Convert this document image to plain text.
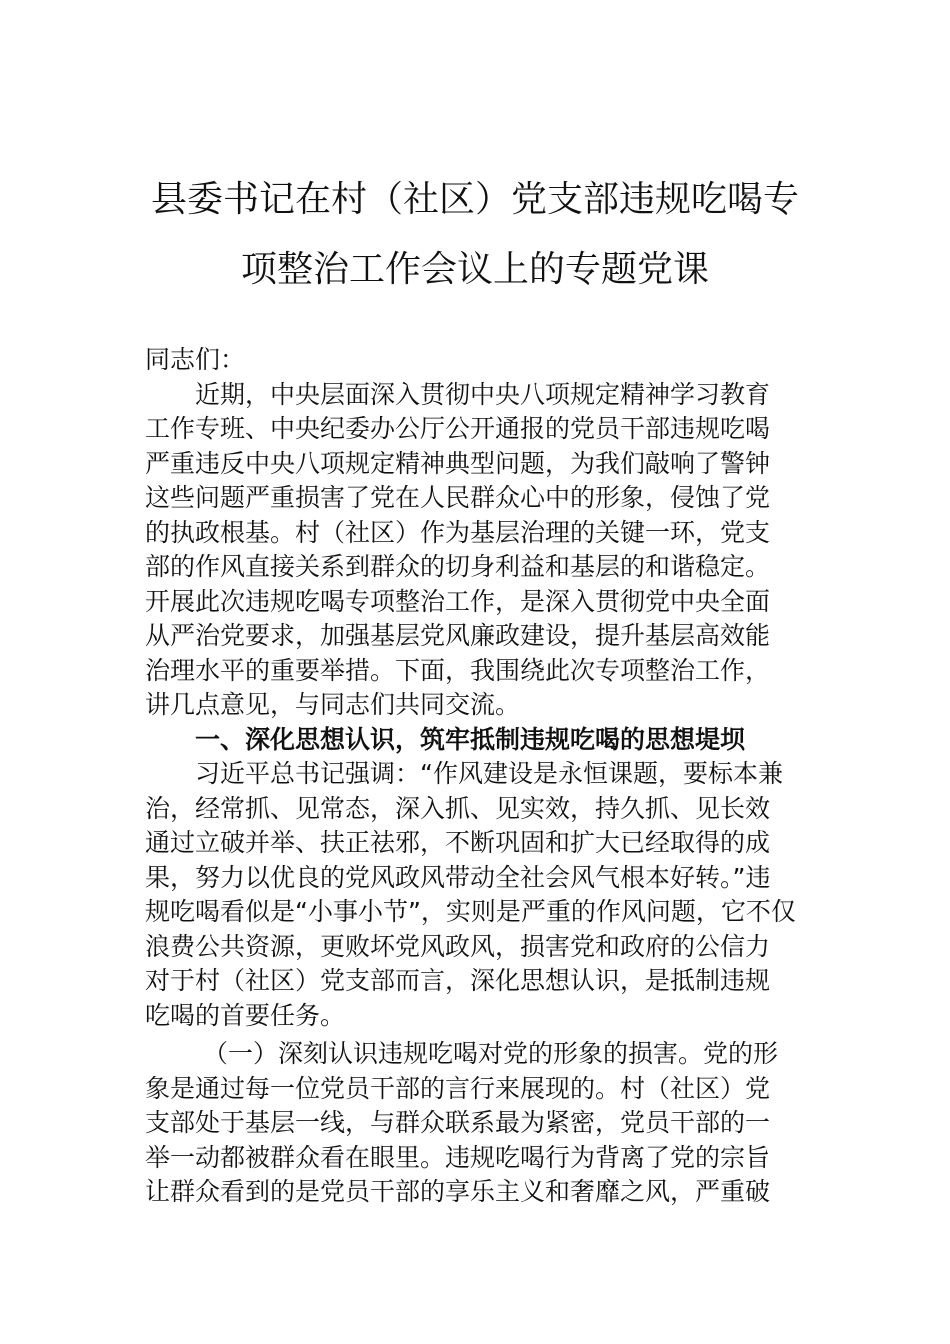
县委书记在村（社区）党支部违规吃喝专
项整治工作会议上的专题党课
同志们：
近期，中央层面深入贯彻中央八项规定精神学习教育
工作专班、中央纪委办公厅公开通报的党员干部违规吃喝
严重违反中央八项规定精神典型问题，为我们敲响了警钟
这些问题严重损害了党在人民群众心中的形象，侵蚀了党
的执政根基。村（社区）作为基层治理的关键一环，党支
部的作风直接关系到群众的切身利益和基层的和谐稳定。
开展此次违规吃喝专项整治工作，是深入贯彻党中央全面
从严治党要求，加强基层党风廉政建设，提升基层高效能
治理水平的重要举措。下面，我围绕此次专项整治工作，
讲几点意见，与同志们共同交流。
一、深化思想认识，筑牢抵制违规吃喝的思想堤坝
习近平总书记强调：“作风建设是永恒课题，要标本兼
治，经常抓、见常态，深入抓、见实效，持久抓、见长效
通过立破并举、扶正祛邪，不断巩固和扩大已经取得的成
果，努力以优良的党风政风带动全社会风气根本好转。”违
规吃喝看似是“小事小节”，实则是严重的作风问题，它不仅
浪费公共资源，更败坏党风政风，损害党和政府的公信力
对于村（社区）党支部而言，深化思想认识，是抵制违规
吃喝的首要任务。
（一）深刻认识违规吃喝对党的形象的损害。党的形
象是通过每一位党员干部的言行来展现的。村（社区）党
支部处于基层一线，与群众联系最为紧密，党员干部的一
举一动都被群众看在眼里。违规吃喝行为背离了党的宗旨
让群众看到的是党员干部的享乐主义和奢靡之风，严重破
